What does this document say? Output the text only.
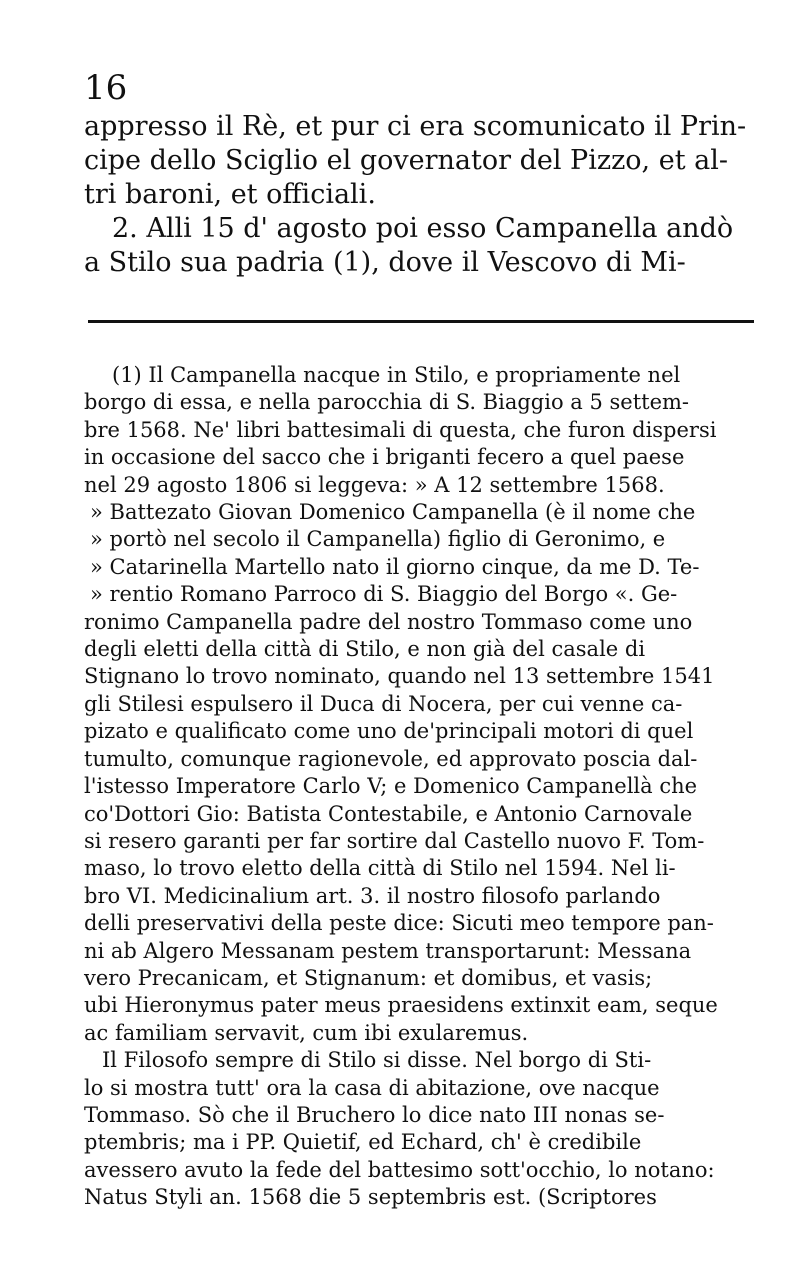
16
appresso il Rè, et pur ci era scomunicato il Prin-
cipe dello Sciglio el governator del Pizzo, et al-
tri baroni, et officiali.
2. Alli 15 d' agosto poi esso Campanella andò
a Stilo sua padria (1), dove il Vescovo di Mi-
(1) Il Campanella nacque in Stilo, e propriamente nel
borgo di essa, e nella parocchia di S. Biaggio a 5 settem-
bre 1568. Ne' libri battesimali di questa, che furon dispersi
in occasione del sacco che i briganti fecero a quel paese
nel 29 agosto 1806 si leggeva: » A 12 settembre 1568.
» Battezato Giovan Domenico Campanella (è il nome che
» portò nel secolo il Campanella) figlio di Geronimo, e
» Catarinella Martello nato il giorno cinque, da me D. Te-
» rentio Romano Parroco di S. Biaggio del Borgo «. Ge-
ronimo Campanella padre del nostro Tommaso come uno
degli eletti della città di Stilo, e non già del casale di
Stignano lo trovo nominato, quando nel 13 settembre 1541
gli Stilesi espulsero il Duca di Nocera, per cui venne ca-
pizato e qualificato come uno de'principali motori di quel
tumulto, comunque ragionevole, ed approvato poscia dal-
l'istesso Imperatore Carlo V; e Domenico Campanellà che
co'Dottori Gio: Batista Contestabile, e Antonio Carnovale
si resero garanti per far sortire dal Castello nuovo F. Tom-
maso, lo trovo eletto della città di Stilo nel 1594. Nel li-
bro VI. Medicinalium art. 3. il nostro filosofo parlando
delli preservativi della peste dice: Sicuti meo tempore pan-
ni ab Algero Messanam pestem transportarunt: Messana
vero Precanicam, et Stignanum: et domibus, et vasis;
ubi Hieronymus pater meus praesidens extinxit eam, seque
ac familiam servavit, cum ibi exularemus.
Il Filosofo sempre di Stilo si disse. Nel borgo di Sti-
lo si mostra tutt' ora la casa di abitazione, ove nacque
Tommaso. Sò che il Bruchero lo dice nato III nonas se-
ptembris; ma i PP. Quietif, ed Echard, ch' è credibile
avessero avuto la fede del battesimo sott'occhio, lo notano:
Natus Styli an. 1568 die 5 septembris est. (Scriptores
